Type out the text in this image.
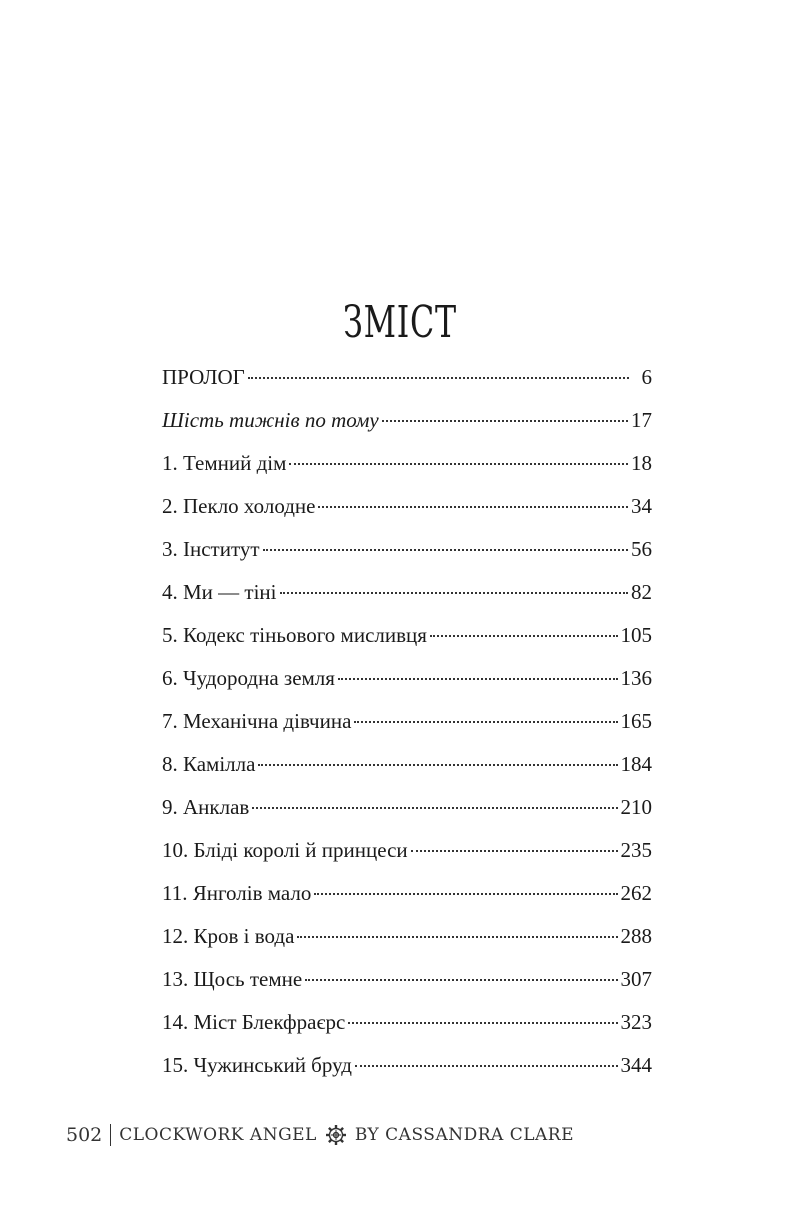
ЗМІСТ
ПРОЛОГ	6
Шість тижнів по тому	17
1. Темний дім	18
2. Пекло холодне	34
3. Інститут	56
4. Ми — тіні	82
5. Кодекс тіньового мисливця	105
6. Чудородна земля	136
7. Механічна дівчина	165
8. Камілла	184
9. Анклав	210
10. Бліді королі й принцеси	235
11. Янголів мало	262
12. Кров і вода	288
13. Щось темне	307
14. Міст Блекфраєрс	323
15. Чужинський бруд	344
502 CLOCKWORK ANGEL BY CASSANDRA CLARE
